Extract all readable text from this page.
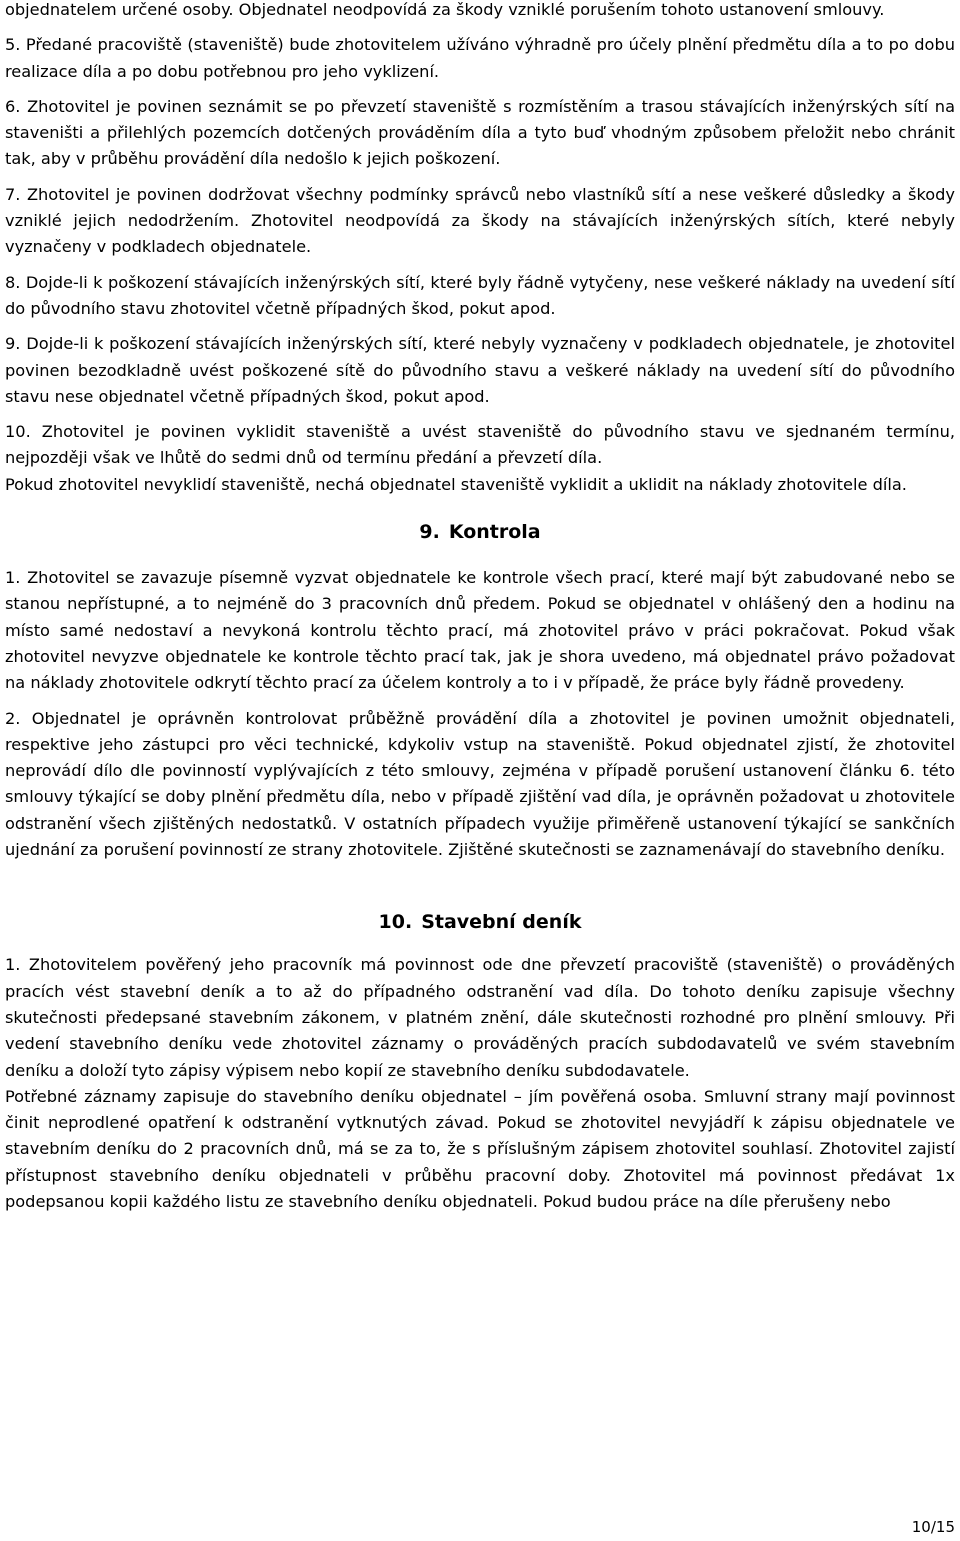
objednatelem určené osoby. Objednatel neodpovídá za škody vzniklé porušením tohoto ustanovení smlouvy.

5. Předané pracoviště (staveniště) bude zhotovitelem užíváno výhradně pro účely plnění předmětu díla a to po dobu realizace díla a po dobu potřebnou pro jeho vyklizení.

6. Zhotovitel je povinen seznámit se po převzetí staveniště s rozmístěním a trasou stávajících inženýrských sítí na staveništi a přilehlých pozemcích dotčených prováděním díla a tyto buď vhodným způsobem přeložit nebo chránit tak, aby v průběhu provádění díla nedošlo k jejich poškození.

7. Zhotovitel je povinen dodržovat všechny podmínky správců nebo vlastníků sítí a nese veškeré důsledky a škody vzniklé jejich nedodržením. Zhotovitel neodpovídá za škody na stávajících inženýrských sítích, které nebyly vyznačeny v podkladech objednatele.

8. Dojde-li k poškození stávajících inženýrských sítí, které byly řádně vytyčeny, nese veškeré náklady na uvedení sítí do původního stavu zhotovitel včetně případných škod, pokut apod.

9. Dojde-li k poškození stávajících inženýrských sítí, které nebyly vyznačeny v podkladech objednatele, je zhotovitel povinen bezodkladně uvést poškozené sítě do původního stavu a veškeré náklady na uvedení sítí do původního stavu nese objednatel včetně případných škod, pokut apod.

10. Zhotovitel je povinen vyklidit staveniště a uvést staveniště do původního stavu ve sjednaném termínu, nejpozději však ve lhůtě do sedmi dnů od termínu předání a převzetí díla.

Pokud zhotovitel nevyklidí staveniště, nechá objednatel staveniště vyklidit a uklidit na náklady zhotovitele díla.

9. Kontrola

1. Zhotovitel se zavazuje písemně vyzvat objednatele ke kontrole všech prací, které mají být zabudované nebo se stanou nepřístupné, a to nejméně do 3 pracovních dnů předem. Pokud se objednatel v ohlášený den a hodinu na místo samé nedostaví a nevykoná kontrolu těchto prací, má zhotovitel právo v práci pokračovat. Pokud však zhotovitel nevyzve objednatele ke kontrole těchto prací tak, jak je shora uvedeno, má objednatel právo požadovat na náklady zhotovitele odkrytí těchto prací za účelem kontroly a to i v případě, že práce byly řádně provedeny.

2. Objednatel je oprávněn kontrolovat průběžně provádění díla a zhotovitel je povinen umožnit objednateli, respektive jeho zástupci pro věci technické, kdykoliv vstup na staveniště. Pokud objednatel zjistí, že zhotovitel neprovádí dílo dle povinností vyplývajících z této smlouvy, zejména v případě porušení ustanovení článku 6. této smlouvy týkající se doby plnění předmětu díla, nebo v případě zjištění vad díla, je oprávněn požadovat u zhotovitele odstranění všech zjištěných nedostatků. V ostatních případech využije přiměřeně ustanovení týkající se sankčních ujednání za porušení povinností ze strany zhotovitele. Zjištěné skutečnosti se zaznamenávají do stavebního deníku.

10. Stavební deník

1. Zhotovitelem pověřený jeho pracovník má povinnost ode dne převzetí pracoviště (staveniště) o prováděných pracích vést stavební deník a to až do případného odstranění vad díla. Do tohoto deníku zapisuje všechny skutečnosti předepsané stavebním zákonem, v platném znění, dále skutečnosti rozhodné pro plnění smlouvy. Při vedení stavebního deníku vede zhotovitel záznamy o prováděných pracích subdodavatelů ve svém stavebním deníku a doloží tyto zápisy výpisem nebo kopií ze stavebního deníku subdodavatele.

Potřebné záznamy zapisuje do stavebního deníku objednatel – jím pověřená osoba. Smluvní strany mají povinnost činit neprodlené opatření k odstranění vytknutých závad. Pokud se zhotovitel nevyjádří k zápisu objednatele ve stavebním deníku do 2 pracovních dnů, má se za to, že s příslušným zápisem zhotovitel souhlasí. Zhotovitel zajistí přístupnost stavebního deníku objednateli v průběhu pracovní doby. Zhotovitel má povinnost předávat 1x podepsanou kopii každého listu ze stavebního deníku objednateli. Pokud budou práce na díle přerušeny nebo

10/15
